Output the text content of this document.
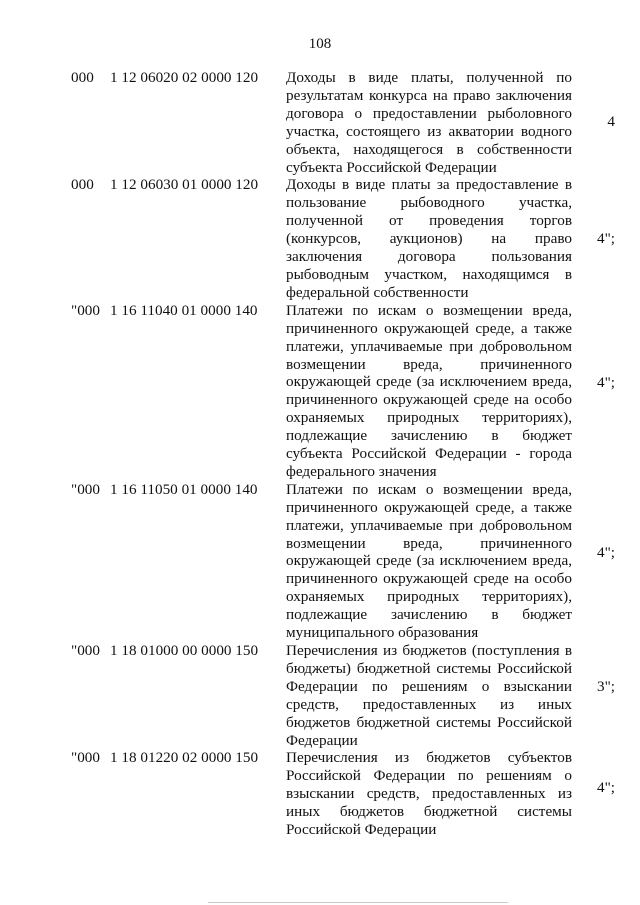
108
000 1 12 06020 02 0000 120 Доходы в виде платы, полученной по результатам конкурса на право заключения договора о предоставлении рыболовного участка, состоящего из акватории водного объекта, находящегося в собственности субъекта Российской Федерации
4
000 1 12 06030 01 0000 120 Доходы в виде платы за предоставление в пользование рыбоводного участка, полученной от проведения торгов (конкурсов, аукционов) на право заключения договора пользования рыбоводным участком, находящимся в федеральной собственности
4";
"000 1 16 11040 01 0000 140 Платежи по искам о возмещении вреда, причиненного окружающей среде, а также платежи, уплачиваемые при добровольном возмещении вреда, причиненного окружающей среде (за исключением вреда, причиненного окружающей среде на особо охраняемых природных территориях), подлежащие зачислению в бюджет субъекта Российской Федерации - города федерального значения
4";
"000 1 16 11050 01 0000 140 Платежи по искам о возмещении вреда, причиненного окружающей среде, а также платежи, уплачиваемые при добровольном возмещении вреда, причиненного окружающей среде (за исключением вреда, причиненного окружающей среде на особо охраняемых природных территориях), подлежащие зачислению в бюджет муниципального образования
4";
"000 1 18 01000 00 0000 150 Перечисления из бюджетов (поступления в бюджеты) бюджетной системы Российской Федерации по решениям о взыскании средств, предоставленных из иных бюджетов бюджетной системы Российской Федерации
3";
"000 1 18 01220 02 0000 150 Перечисления из бюджетов субъектов Российской Федерации по решениям о взыскании средств, предоставленных из иных бюджетов бюджетной системы Российской Федерации
4";
